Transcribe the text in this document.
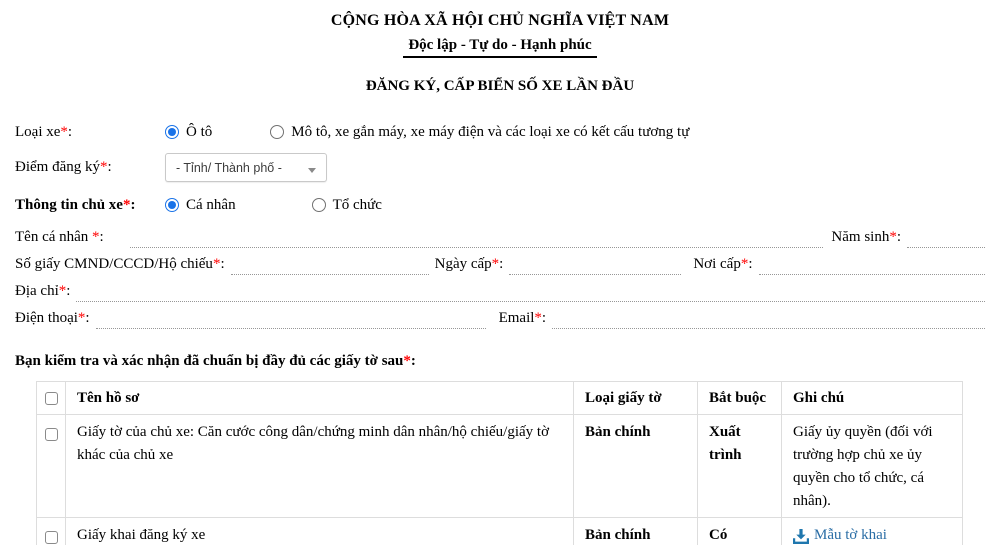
CỘNG HÒA XÃ HỘI CHỦ NGHĨA VIỆT NAM
Độc lập - Tự do - Hạnh phúc
ĐĂNG KÝ, CẤP BIỂN SỐ XE LẦN ĐẦU
Loại xe*:	Ô tô	Mô tô, xe gắn máy, xe máy điện và các loại xe có kết cấu tương tự
Điểm đăng ký*:	- Tỉnh/ Thành phố -
Thông tin chủ xe*:	Cá nhân	Tổ chức
Tên cá nhân *:	Năm sinh*:
Số giấy CMND/CCCD/Hộ chiếu*:	Ngày cấp*:	Nơi cấp*:
Địa chỉ*:
Điện thoại*:	Email*:
Bạn kiểm tra và xác nhận đã chuẩn bị đầy đủ các giấy tờ sau*:
	Tên hồ sơ	Loại giấy tờ	Bắt buộc	Ghi chú
	Giấy tờ của chủ xe: Căn cước công dân/chứng minh dân nhân/hộ chiếu/giấy tờ khác của chủ xe	Bản chính	Xuất trình	Giấy ủy quyền (đối với trường hợp chủ xe ủy quyền cho tổ chức, cá nhân).
	Giấy khai đăng ký xe	Bản chính	Có	Mẫu tờ khai
